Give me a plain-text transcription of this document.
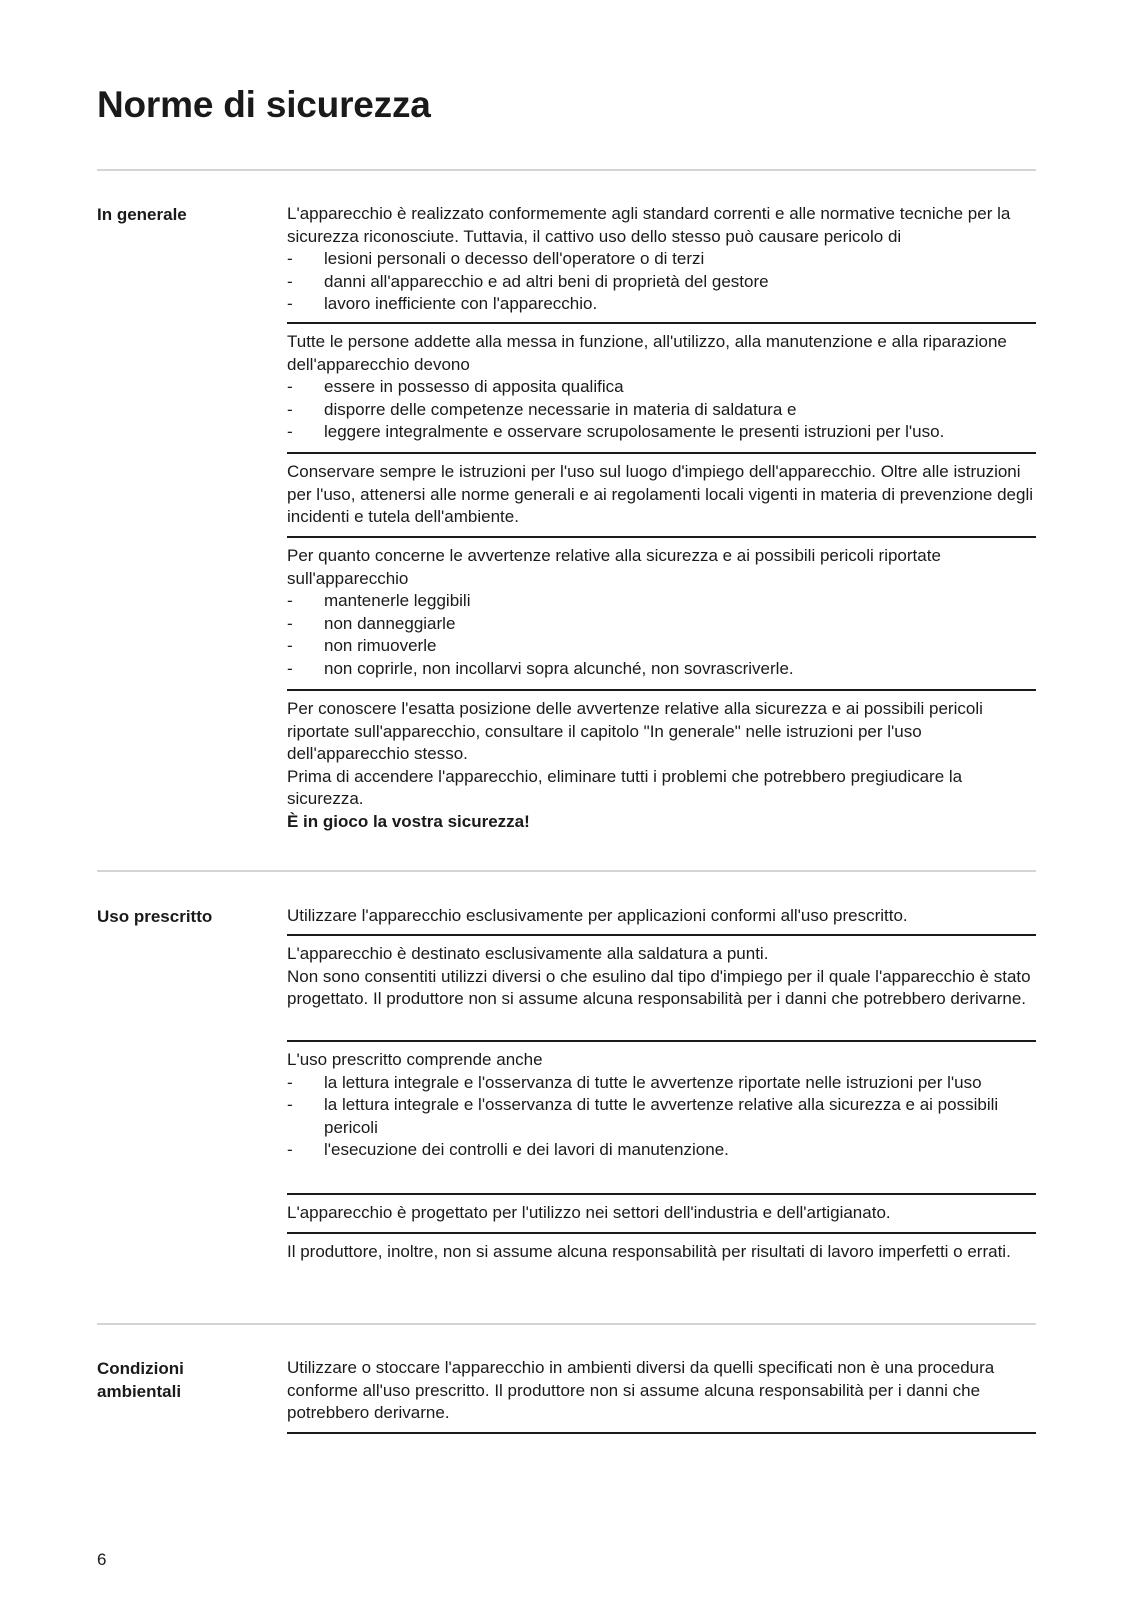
Norme di sicurezza
In generale	L'apparecchio è realizzato conformemente agli standard correnti e alle normative tecniche per la sicurezza riconosciute. Tuttavia, il cattivo uso dello stesso può causare pericolo di

- lesioni personali o decesso dell'operatore o di terzi
- danni all'apparecchio e ad altri beni di proprietà del gestore
- lavoro inefficiente con l'apparecchio.

Tutte le persone addette alla messa in funzione, all'utilizzo, alla manutenzione e alla riparazione dell'apparecchio devono

- essere in possesso di apposita qualifica
- disporre delle competenze necessarie in materia di saldatura e
- leggere integralmente e osservare scrupolosamente le presenti istruzioni per l'uso.

Conservare sempre le istruzioni per l'uso sul luogo d'impiego dell'apparecchio. Oltre alle istruzioni per l'uso, attenersi alle norme generali e ai regolamenti locali vigenti in materia di prevenzione degli incidenti e tutela dell'ambiente.

Per quanto concerne le avvertenze relative alla sicurezza e ai possibili pericoli riportate sull'apparecchio

- mantenerle leggibili
- non danneggiarle
- non rimuoverle
- non coprirle, non incollarvi sopra alcunché, non sovrascriverle.

Per conoscere l'esatta posizione delle avvertenze relative alla sicurezza e ai possibili pericoli riportate sull'apparecchio, consultare il capitolo "In generale" nelle istruzioni per l'uso dell'apparecchio stesso.

Prima di accendere l'apparecchio, eliminare tutti i problemi che potrebbero pregiudicare la sicurezza.

È in gioco la vostra sicurezza!

Uso prescritto	Utilizzare l'apparecchio esclusivamente per applicazioni conformi all'uso prescritto.

L'apparecchio è destinato esclusivamente alla saldatura a punti.

Non sono consentiti utilizzi diversi o che esulino dal tipo d'impiego per il quale l'apparecchio è stato progettato. Il produttore non si assume alcuna responsabilità per i danni che potrebbero derivarne.

L'uso prescritto comprende anche

- la lettura integrale e l'osservanza di tutte le avvertenze riportate nelle istruzioni per l'uso
- la lettura integrale e l'osservanza di tutte le avvertenze relative alla sicurezza e ai possibili pericoli
- l'esecuzione dei controlli e dei lavori di manutenzione.

L'apparecchio è progettato per l'utilizzo nei settori dell'industria e dell'artigianato.

Il produttore, inoltre, non si assume alcuna responsabilità per risultati di lavoro imperfetti o errati.

Condizioni ambientali

Utilizzare o stoccare l'apparecchio in ambienti diversi da quelli specificati non è una procedura conforme all'uso prescritto. Il produttore non si assume alcuna responsabilità per i danni che potrebbero derivarne.

6
